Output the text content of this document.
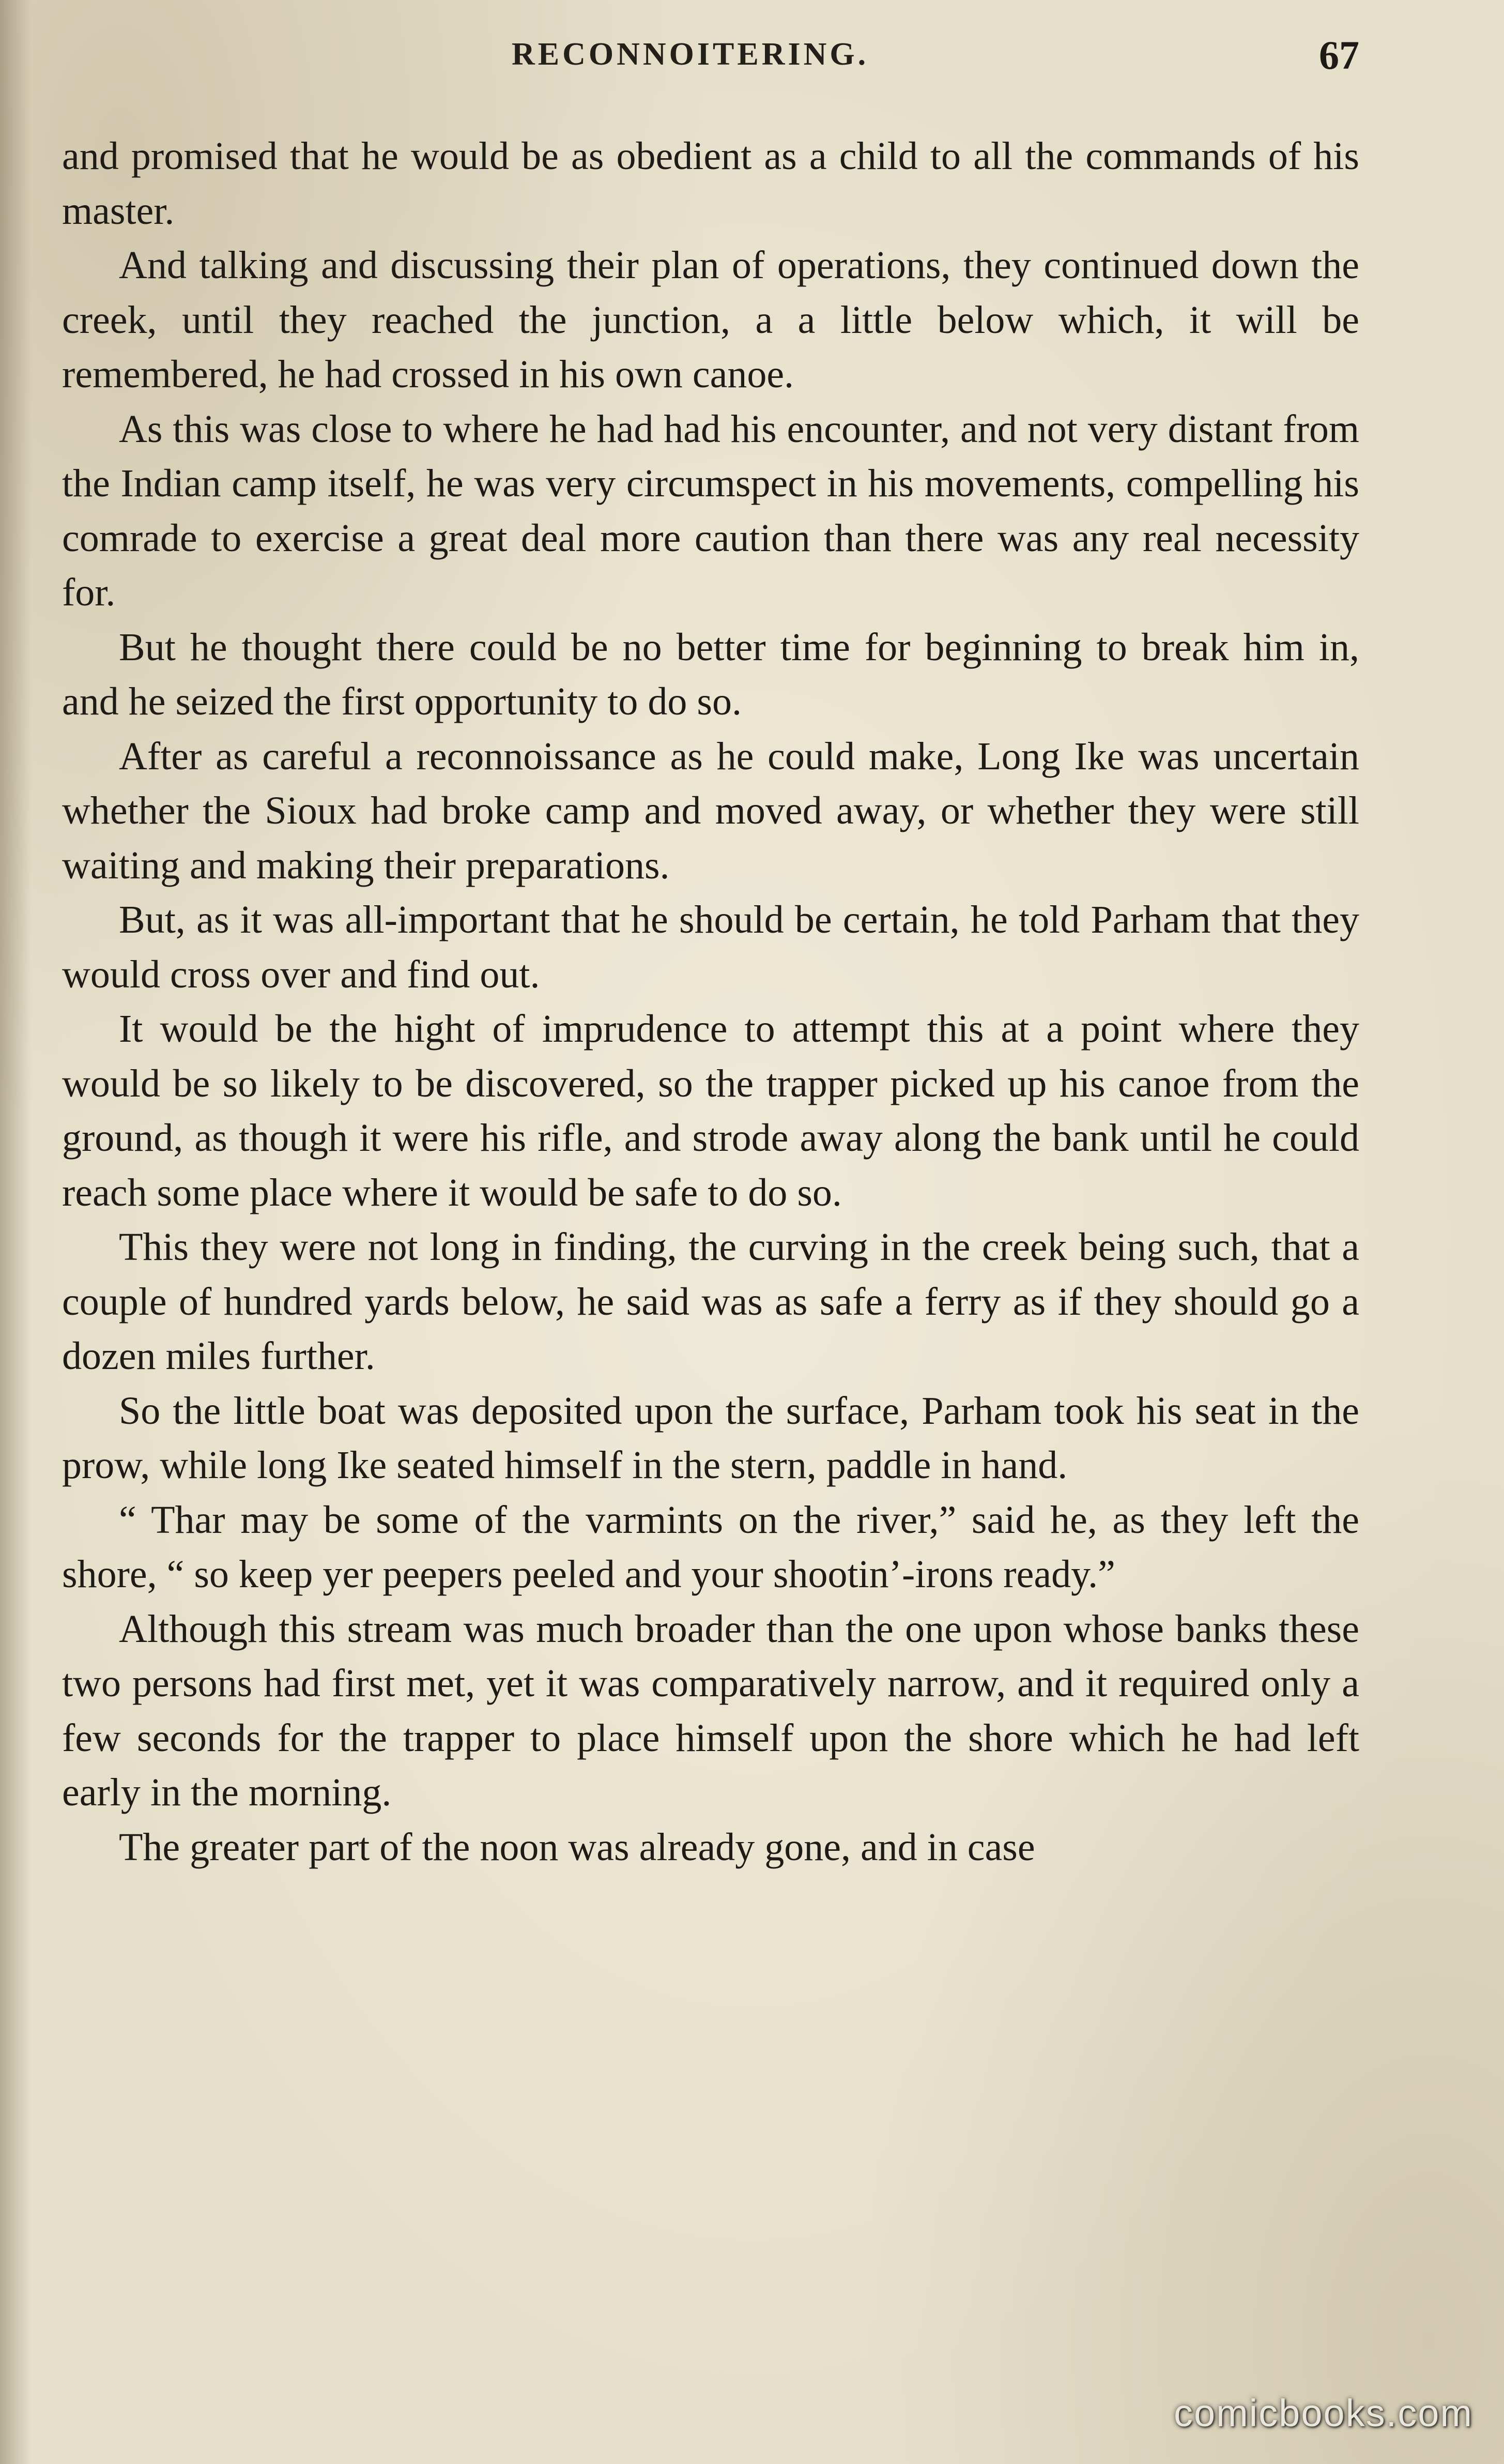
RECONNOITERING.	67

and promised that he would be as obedient as a child to all the commands of his master.

And talking and discussing their plan of operations, they continued down the creek, until they reached the junction, a a little below which, it will be remembered, he had crossed in his own canoe.

As this was close to where he had had his encounter, and not very distant from the Indian camp itself, he was very circumspect in his movements, compelling his comrade to exercise a great deal more caution than there was any real necessity for.

But he thought there could be no better time for beginning to break him in, and he seized the first opportunity to do so.

After as careful a reconnoissance as he could make, Long Ike was uncertain whether the Sioux had broke camp and moved away, or whether they were still waiting and making their preparations.

But, as it was all-important that he should be certain, he told Parham that they would cross over and find out.

It would be the hight of imprudence to attempt this at a point where they would be so likely to be discovered, so the trapper picked up his canoe from the ground, as though it were his rifle, and strode away along the bank until he could reach some place where it would be safe to do so.

This they were not long in finding, the curving in the creek being such, that a couple of hundred yards below, he said was as safe a ferry as if they should go a dozen miles further.

So the little boat was deposited upon the surface, Parham took his seat in the prow, while long Ike seated himself in the stern, paddle in hand.

“ Thar may be some of the varmints on the river,” said he, as they left the shore, “ so keep yer peepers peeled and your shootin’-irons ready.”

Although this stream was much broader than the one upon whose banks these two persons had first met, yet it was comparatively narrow, and it required only a few seconds for the trapper to place himself upon the shore which he had left early in the morning.

The greater part of the noon was already gone, and in case

comicbooks.com
